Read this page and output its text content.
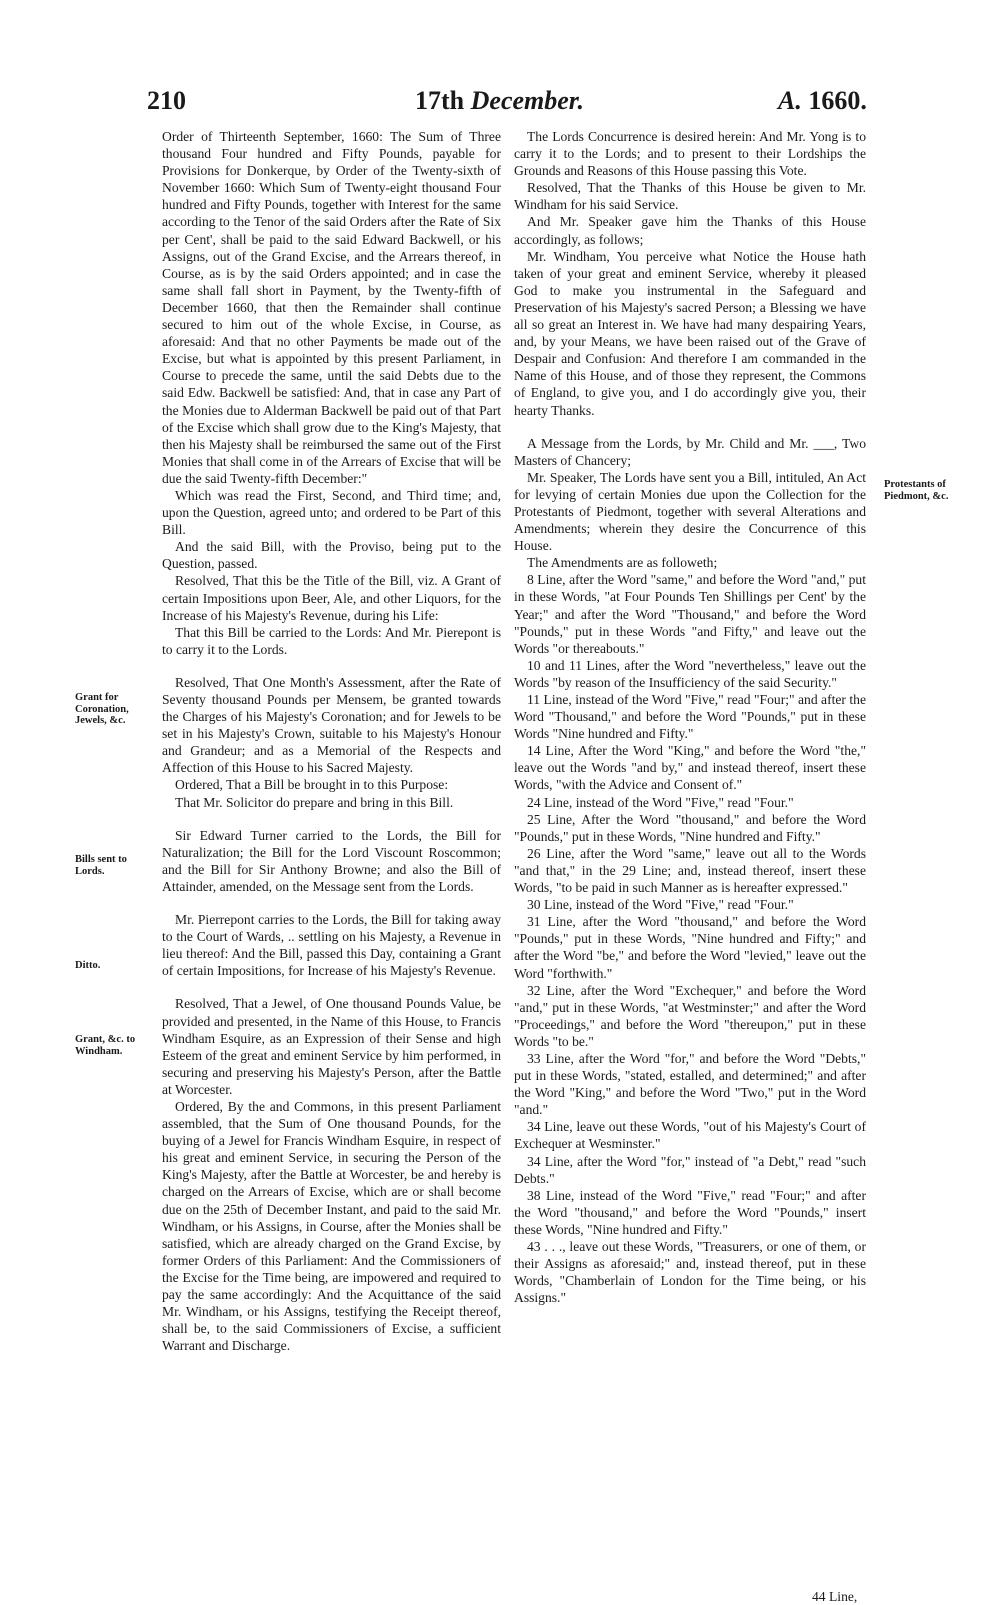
210	17th December.	A. 1660.

Order of Thirteenth September, 1660: The Sum of Three thousand Four hundred and Fifty Pounds, payable for Provisions for Donkerque, by Order of the Twenty-sixth of November 1660: Which Sum of Twenty-eight thousand Four hundred and Fifty Pounds, together with Interest for the same according to the Tenor of the said Orders after the Rate of Six per Cent', shall be paid to the said Edward Backwell, or his Assigns, out of the Grand Excise, and the Arrears thereof, in Course, as is by the said Orders appointed; and in case the same shall fall short in Payment, by the Twenty-fifth of December 1660, that then the Remainder shall continue secured to him out of the whole Excise, in Course, as aforesaid: And that no other Payments be made out of the Excise, but what is appointed by this present Parliament, in Course to precede the same, until the said Debts due to the said Edw. Backwell be satisfied: And, that in case any Part of the Monies due to Alderman Backwell be paid out of that Part of the Excise which shall grow due to the King's Majesty, that then his Majesty shall be reimbursed the same out of the First Monies that shall come in of the Arrears of Excise that will be due the said Twenty-fifth December:"

Which was read the First, Second, and Third time; and, upon the Question, agreed unto; and ordered to be Part of this Bill.

And the said Bill, with the Proviso, being put to the Question, passed.

Resolved, That this be the Title of the Bill, viz. A Grant of certain Impositions upon Beer, Ale, and other Liquors, for the Increase of his Majesty's Revenue, during his Life:

That this Bill be carried to the Lords: And Mr. Pierepont is to carry it to the Lords.

Resolved, That One Month's Assessment, after the Rate of Seventy thousand Pounds per Mensem, be granted towards the Charges of his Majesty's Coronation; and for Jewels to be set in his Majesty's Crown, suitable to his Majesty's Honour and Grandeur; and as a Memorial of the Respects and Affection of this House to his Sacred Majesty.

Ordered, That a Bill be brought in to this Purpose:

That Mr. Solicitor do prepare and bring in this Bill.

Sir Edward Turner carried to the Lords, the Bill for Naturalization; the Bill for the Lord Viscount Roscommon; and the Bill for Sir Anthony Browne; and also the Bill of Attainder, amended, on the Message sent from the Lords.

Mr. Pierrepont carries to the Lords, the Bill for taking away to the Court of Wards, .. settling on his Majesty, a Revenue in lieu thereof: And the Bill, passed this Day, containing a Grant of certain Impositions, for Increase of his Majesty's Revenue.

Resolved, That a Jewel, of One thousand Pounds Value, be provided and presented, in the Name of this House, to Francis Windham Esquire, as an Expression of their Sense and high Esteem of the great and eminent Service by him performed, in securing and preserving his Majesty's Person, after the Battle at Worcester.

Ordered, By the and Commons, in this present Parliament assembled, that the Sum of One thousand Pounds, for the buying of a Jewel for Francis Windham Esquire, in respect of his great and eminent Service, in securing the Person of the King's Majesty, after the Battle at Worcester, be and hereby is charged on the Arrears of Excise, which are or shall become due on the 25th of December Instant, and paid to the said Mr. Windham, or his Assigns, in Course, after the Monies shall be satisfied, which are already charged on the Grand Excise, by former Orders of this Parliament: And the Commissioners of the Excise for the Time being, are impowered and required to pay the same accordingly: And the Acquittance of the said Mr. Windham, or his Assigns, testifying the Receipt thereof, shall be, to the said Commissioners of Excise, a sufficient Warrant and Discharge.

The Lords Concurrence is desired herein: And Mr. Yong is to carry it to the Lords; and to present to their Lordships the Grounds and Reasons of this House passing this Vote.

Resolved, That the Thanks of this House be given to Mr. Windham for his said Service.

And Mr. Speaker gave him the Thanks of this House accordingly, as follows;

Mr. Windham, You perceive what Notice the House hath taken of your great and eminent Service, whereby it pleased God to make you instrumental in the Safeguard and Preservation of his Majesty's sacred Person; a Blessing we have all so great an Interest in. We have had many despairing Years, and, by your Means, we have been raised out of the Grave of Despair and Confusion: And therefore I am commanded in the Name of this House, and of those they represent, the Commons of England, to give you, and I do accordingly give you, their hearty Thanks.

A Message from the Lords, by Mr. Child and Mr. ___, Two Masters of Chancery;

Mr. Speaker, The Lords have sent you a Bill, intituled, An Act for levying of certain Monies due upon the Collection for the Protestants of Piedmont, together with several Alterations and Amendments; wherein they desire the Concurrence of this House.

The Amendments are as followeth;

8 Line, after the Word "same," and before the Word "and," put in these Words, "at Four Pounds Ten Shillings per Cent' by the Year;" and after the Word "Thousand," and before the Word "Pounds," put in these Words "and Fifty," and leave out the Words "or thereabouts."

10 and 11 Lines, after the Word "nevertheless," leave out the Words "by reason of the Insufficiency of the said Security."

11 Line, instead of the Word "Five," read "Four;" and after the Word "Thousand," and before the Word "Pounds," put in these Words "Nine hundred and Fifty."

14 Line, After the Word "King," and before the Word "the," leave out the Words "and by," and instead thereof, insert these Words, "with the Advice and Consent of."

24 Line, instead of the Word "Five," read "Four."

25 Line, After the Word "thousand," and before the Word "Pounds," put in these Words, "Nine hundred and Fifty."

26 Line, after the Word "same," leave out all to the Words "and that," in the 29 Line; and, instead thereof, insert these Words, "to be paid in such Manner as is hereafter expressed."

30 Line, instead of the Word "Five," read "Four."

31 Line, after the Word "thousand," and before the Word "Pounds," put in these Words, "Nine hundred and Fifty;" and after the Word "be," and before the Word "levied," leave out the Word "forthwith."

32 Line, after the Word "Exchequer," and before the Word "and," put in these Words, "at Westminster;" and after the Word "Proceedings," and before the Word "thereupon," put in these Words "to be."

33 Line, after the Word "for," and before the Word "Debts," put in these Words, "stated, estalled, and determined;" and after the Word "King," and before the Word "Two," put in the Word "and."

34 Line, leave out these Words, "out of his Majesty's Court of Exchequer at Wesminster."

34 Line, after the Word "for," instead of "a Debt," read "such Debts."

38 Line, instead of the Word "Five," read "Four;" and after the Word "thousand," and before the Word "Pounds," insert these Words, "Nine hundred and Fifty."

43 . . ., leave out these Words, "Treasurers, or one of them, or their Assigns as aforesaid;" and, instead thereof, put in these Words, "Chamberlain of London for the Time being, or his Assigns."

44 Line,
Grant for Coronation, Jewels, &c.
Bills sent to Lords.
Ditto.
Grant, &c. to Windham.
Protestants of Piedmont, &c.
